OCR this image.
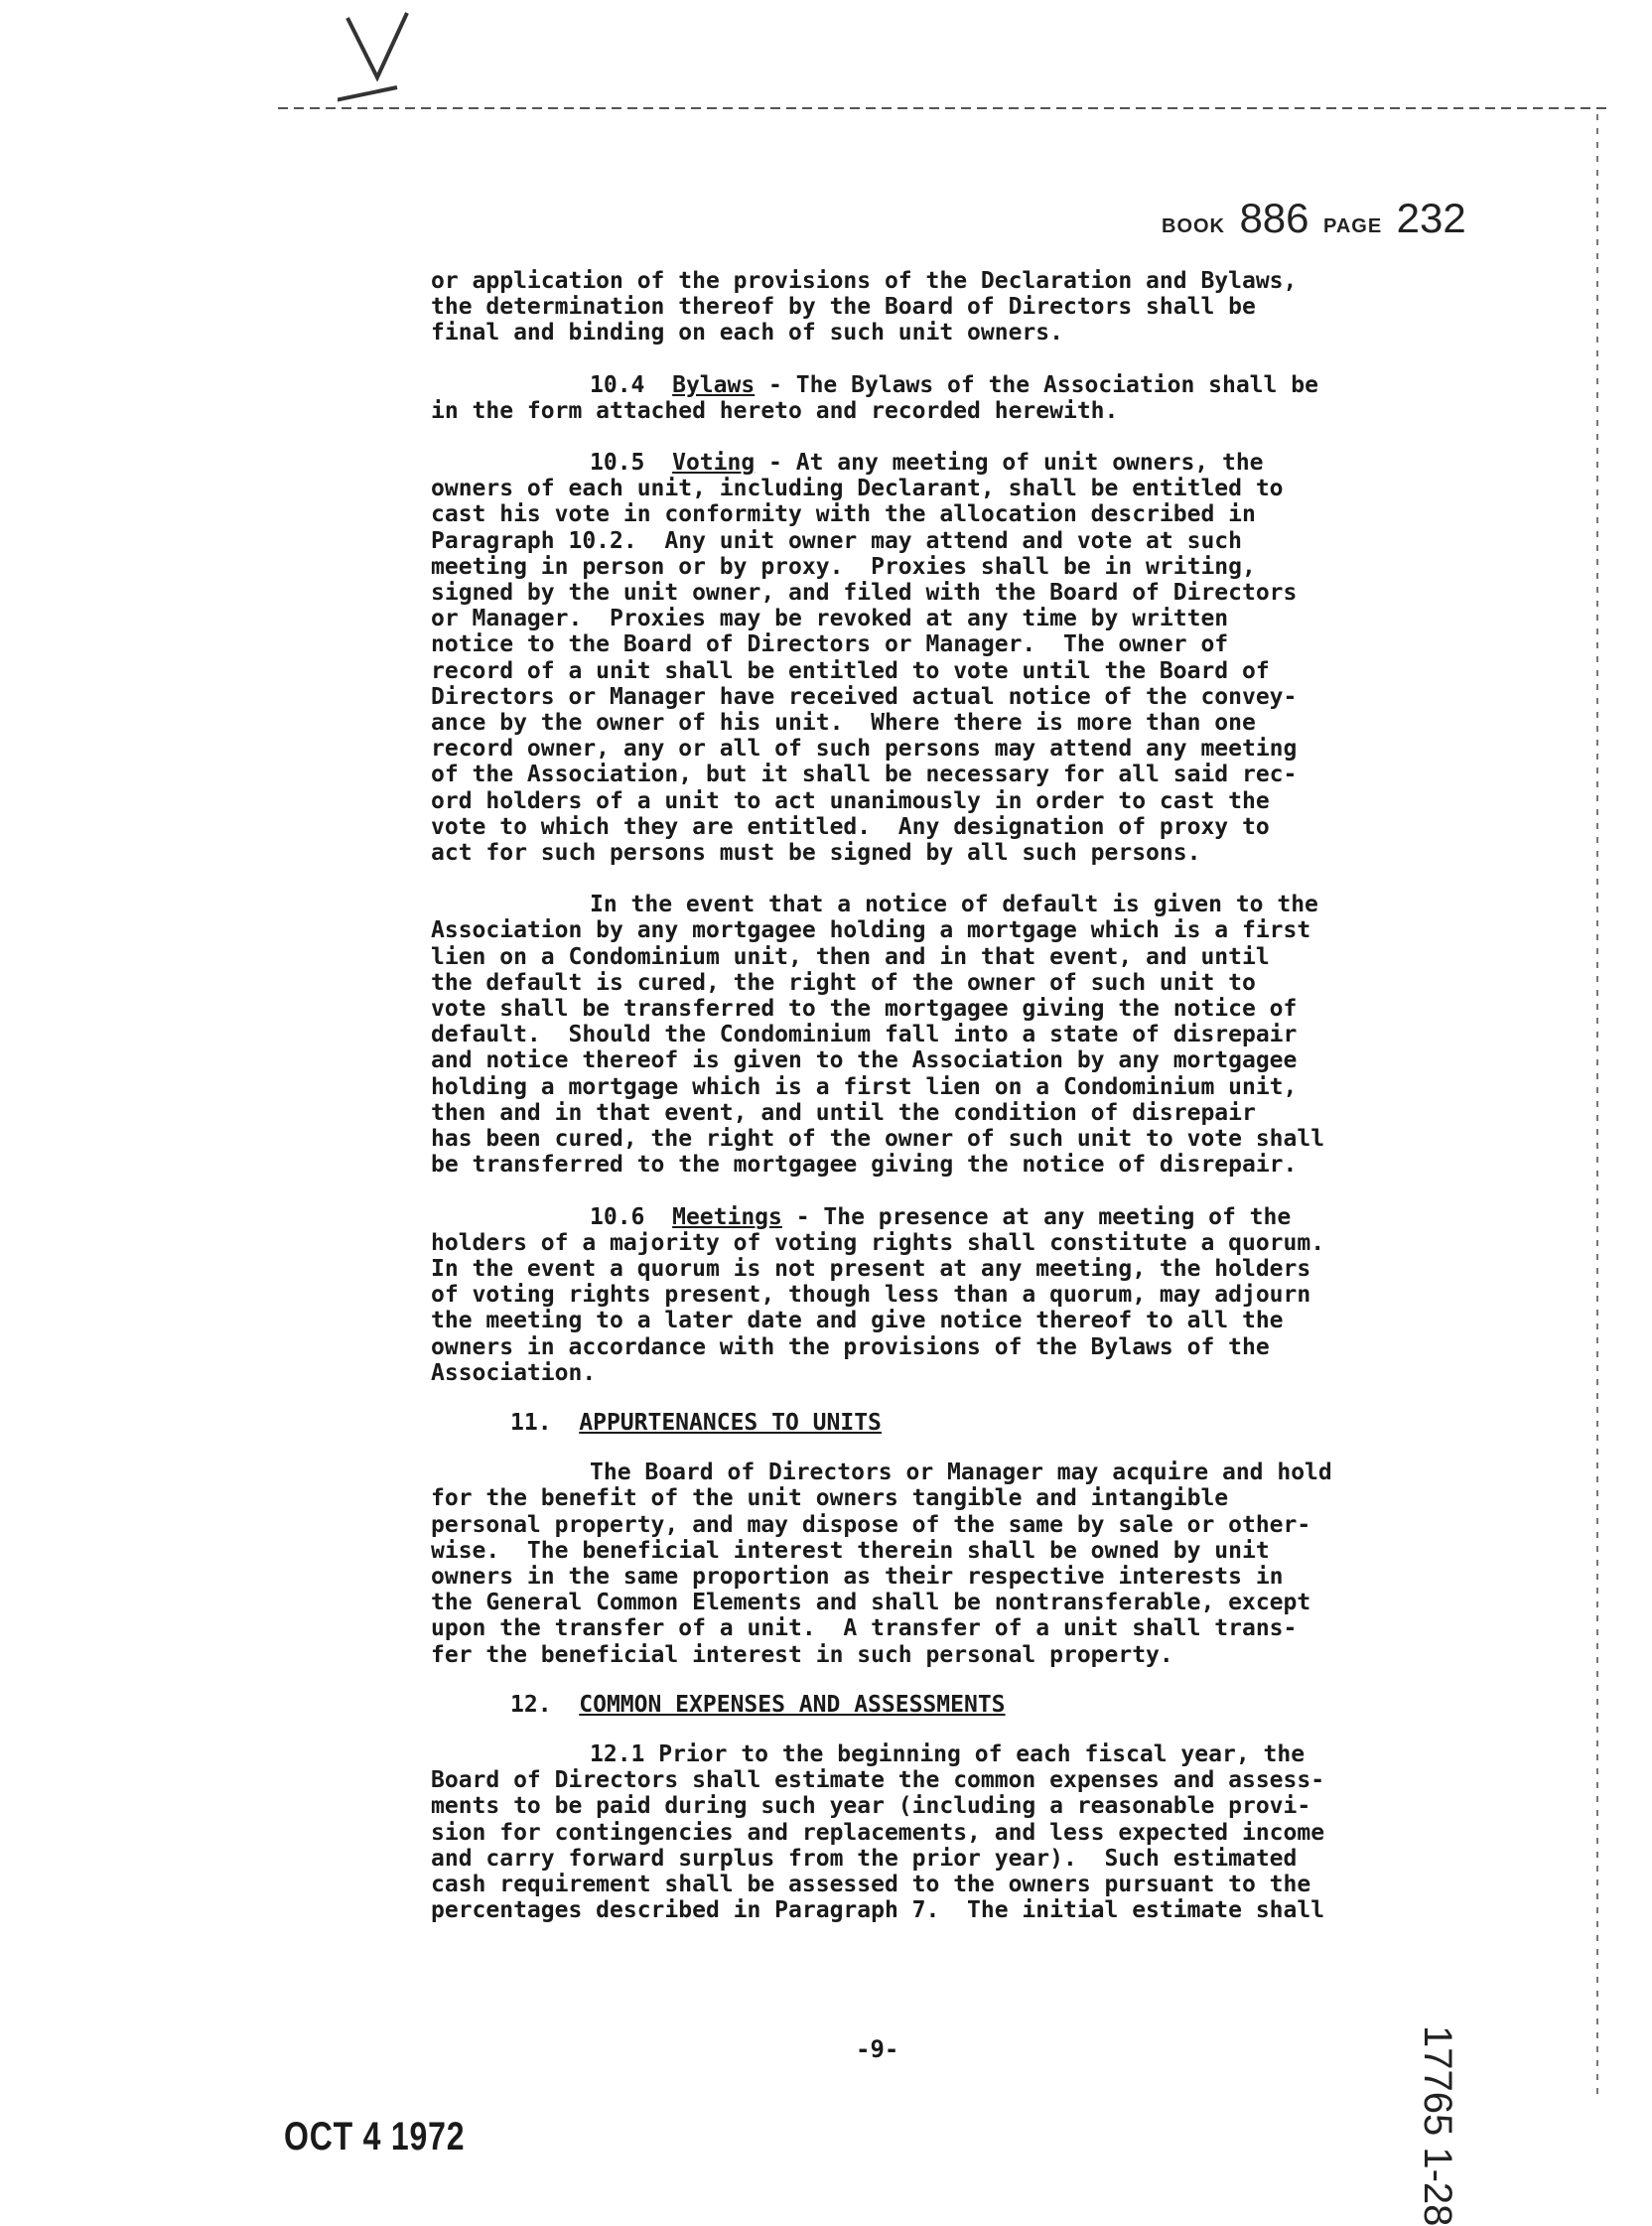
BOOK 886 PAGE 232

or application of the provisions of the Declaration and Bylaws,

the determination thereof by the Board of Directors shall be

final and binding on each of such unit owners.

10.4 Bylaws - The Bylaws of the Association shall be

in the form attached hereto and recorded herewith.

10.5 Voting - At any meeting of unit owners, the

owners of each unit, including Declarant, shall be entitled to

cast his vote in conformity with the allocation described in

Paragraph 10.2.  Any unit owner may attend and vote at such

meeting in person or by proxy.  Proxies shall be in writing,

signed by the unit owner, and filed with the Board of Directors

or Manager.  Proxies may be revoked at any time by written

notice to the Board of Directors or Manager.  The owner of

record of a unit shall be entitled to vote until the Board of

Directors or Manager have received actual notice of the convey-

ance by the owner of his unit.  Where there is more than one

record owner, any or all of such persons may attend any meeting

of the Association, but it shall be necessary for all said rec-

ord holders of a unit to act unanimously in order to cast the

vote to which they are entitled.  Any designation of proxy to

act for such persons must be signed by all such persons.

In the event that a notice of default is given to the

Association by any mortgagee holding a mortgage which is a first

lien on a Condominium unit, then and in that event, and until

the default is cured, the right of the owner of such unit to

vote shall be transferred to the mortgagee giving the notice of

default.  Should the Condominium fall into a state of disrepair

and notice thereof is given to the Association by any mortgagee

holding a mortgage which is a first lien on a Condominium unit,

then and in that event, and until the condition of disrepair

has been cured, the right of the owner of such unit to vote shall

be transferred to the mortgagee giving the notice of disrepair.

10.6 Meetings - The presence at any meeting of the

holders of a majority of voting rights shall constitute a quorum.

In the event a quorum is not present at any meeting, the holders

of voting rights present, though less than a quorum, may adjourn

the meeting to a later date and give notice thereof to all the

owners in accordance with the provisions of the Bylaws of the

Association.

11. APPURTENANCES TO UNITS

The Board of Directors or Manager may acquire and hold

for the benefit of the unit owners tangible and intangible

personal property, and may dispose of the same by sale or other-

wise.  The beneficial interest therein shall be owned by unit

owners in the same proportion as their respective interests in

the General Common Elements and shall be nontransferable, except

upon the transfer of a unit.  A transfer of a unit shall trans-

fer the beneficial interest in such personal property.

12. COMMON EXPENSES AND ASSESSMENTS

12.1 Prior to the beginning of each fiscal year, the

Board of Directors shall estimate the common expenses and assess-

ments to be paid during such year (including a reasonable provi-

sion for contingencies and replacements, and less expected income

and carry forward surplus from the prior year).  Such estimated

cash requirement shall be assessed to the owners pursuant to the

percentages described in Paragraph 7.  The initial estimate shall

-9-
OCT 4 1972	17765 1-28
